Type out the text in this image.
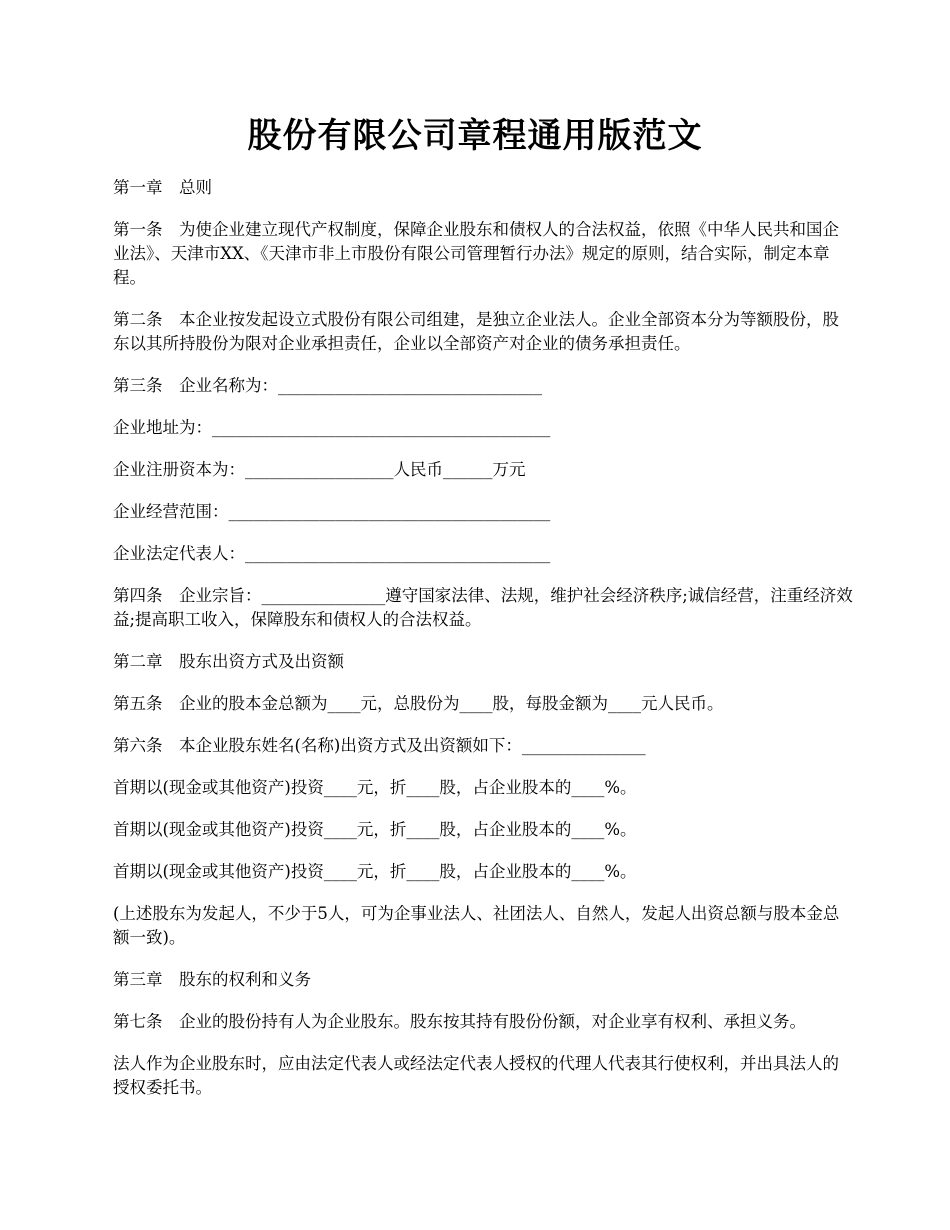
股份有限公司章程通用版范文

第一章　总则

第一条　为使企业建立现代产权制度，保障企业股东和债权人的合法权益，依照《中华人民共和国企业法》、天津市XX、《天津市非上市股份有限公司管理暂行办法》规定的原则，结合实际，制定本章程。

第二条　本企业按发起设立式股份有限公司组建，是独立企业法人。企业全部资本分为等额股份，股东以其所持股份为限对企业承担责任，企业以全部资产对企业的债务承担责任。

第三条　企业名称为：________________________________

企业地址为：_________________________________________

企业注册资本为：__________________人民币______万元

企业经营范围：_______________________________________

企业法定代表人：_____________________________________

第四条　企业宗旨：_______________遵守国家法律、法规，维护社会经济秩序;诚信经营，注重经济效益;提高职工收入，保障股东和债权人的合法权益。

第二章　股东出资方式及出资额

第五条　企业的股本金总额为____元，总股份为____股，每股金额为____元人民币。

第六条　本企业股东姓名(名称)出资方式及出资额如下：_______________

首期以(现金或其他资产)投资____元，折____股，占企业股本的____%。

首期以(现金或其他资产)投资____元，折____股，占企业股本的____%。

首期以(现金或其他资产)投资____元，折____股，占企业股本的____%。

(上述股东为发起人，不少于5人，可为企事业法人、社团法人、自然人，发起人出资总额与股本金总额一致)。

第三章　股东的权利和义务

第七条　企业的股份持有人为企业股东。股东按其持有股份份额，对企业享有权利、承担义务。

法人作为企业股东时，应由法定代表人或经法定代表人授权的代理人代表其行使权利，并出具法人的授权委托书。
